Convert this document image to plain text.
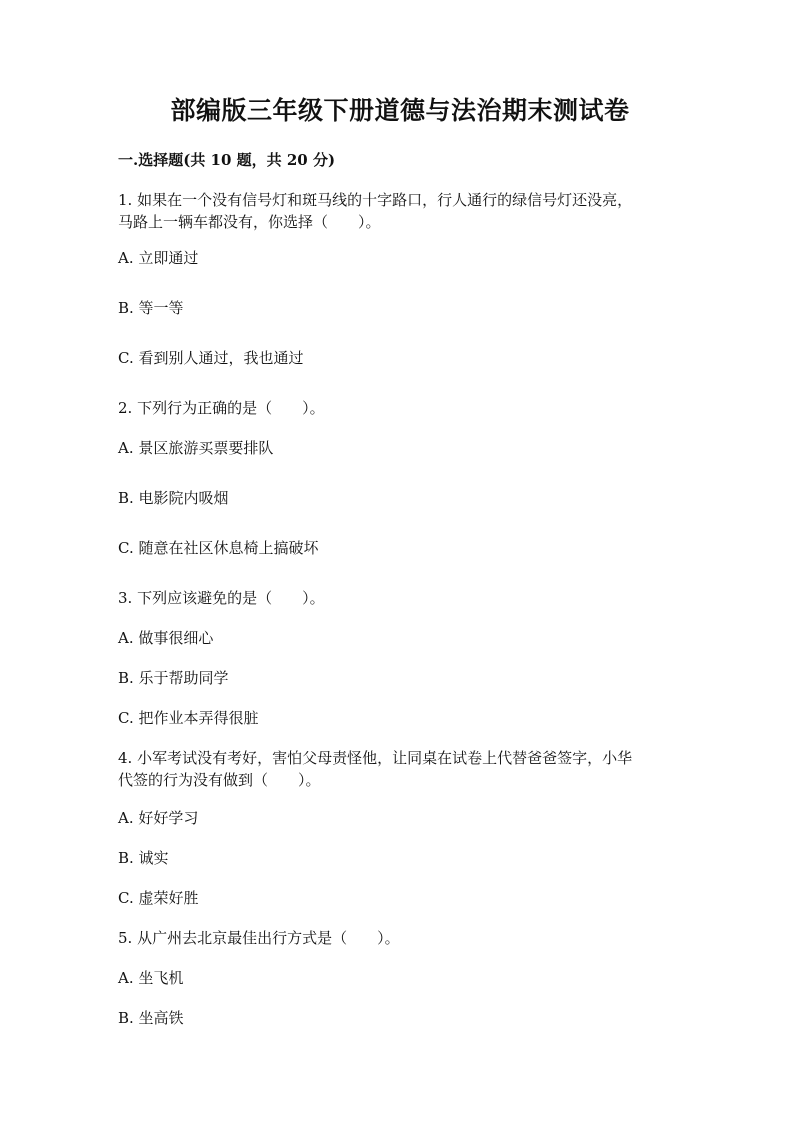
部编版三年级下册道德与法治期末测试卷
一.选择题(共 10 题，共 20 分)
1. 如果在一个没有信号灯和斑马线的十字路口，行人通行的绿信号灯还没亮，
马路上一辆车都没有，你选择（　　）。
A. 立即通过
B. 等一等
C. 看到别人通过，我也通过
2. 下列行为正确的是（　　）。
A. 景区旅游买票要排队
B. 电影院内吸烟
C. 随意在社区休息椅上搞破坏
3. 下列应该避免的是（　　）。
A. 做事很细心
B. 乐于帮助同学
C. 把作业本弄得很脏
4. 小军考试没有考好，害怕父母责怪他，让同桌在试卷上代替爸爸签字，小华
代签的行为没有做到（　　）。
A. 好好学习
B. 诚实
C. 虚荣好胜
5. 从广州去北京最佳出行方式是（　　）。
A. 坐飞机
B. 坐高铁
